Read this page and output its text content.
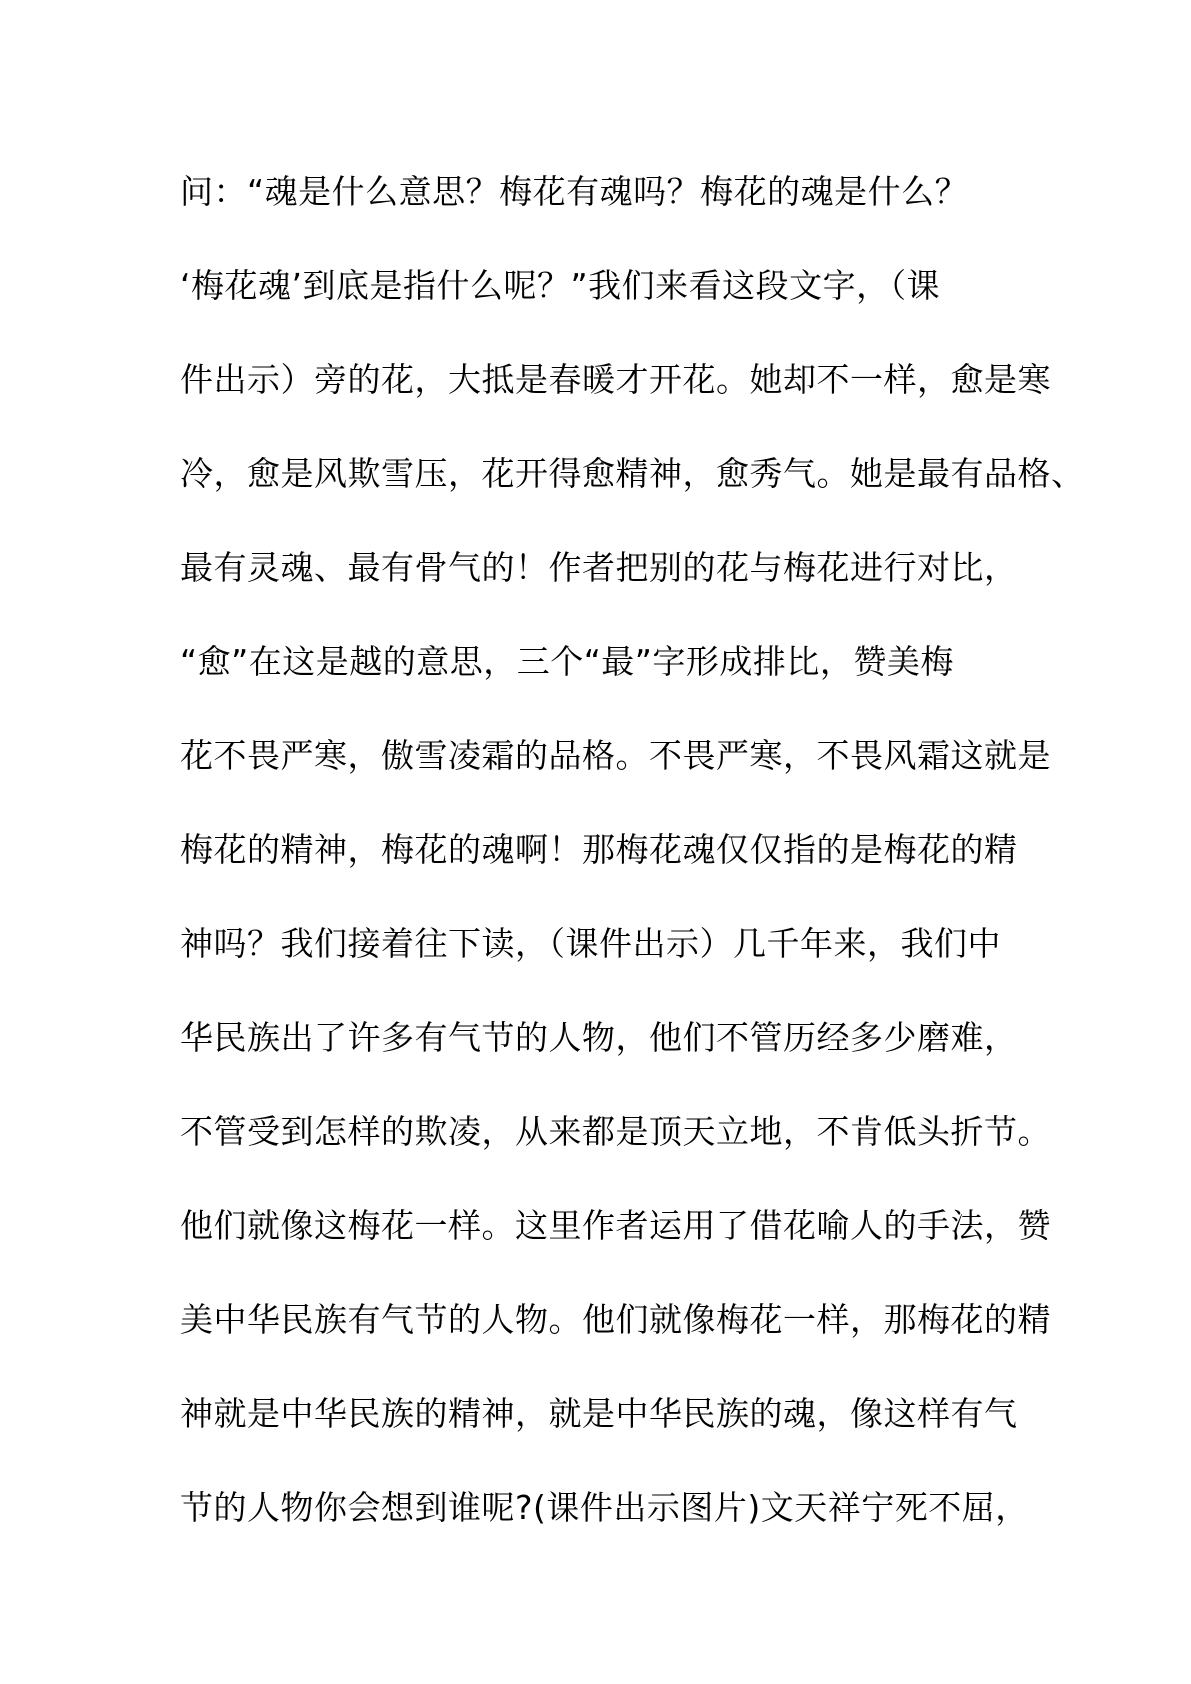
问：“魂是什么意思？梅花有魂吗？梅花的魂是什么？
‘梅花魂’到底是指什么呢？”我们来看这段文字，（课
件出示）旁的花，大抵是春暖才开花。她却不一样，愈是寒
冷，愈是风欺雪压，花开得愈精神，愈秀气。她是最有品格、
最有灵魂、最有骨气的！作者把别的花与梅花进行对比，
“愈”在这是越的意思，三个“最”字形成排比，赞美梅
花不畏严寒，傲雪凌霜的品格。不畏严寒，不畏风霜这就是
梅花的精神，梅花的魂啊！那梅花魂仅仅指的是梅花的精
神吗？我们接着往下读，（课件出示）几千年来，我们中
华民族出了许多有气节的人物，他们不管历经多少磨难，
不管受到怎样的欺凌，从来都是顶天立地，不肯低头折节。
他们就像这梅花一样。这里作者运用了借花喻人的手法，赞
美中华民族有气节的人物。他们就像梅花一样，那梅花的精
神就是中华民族的精神，就是中华民族的魂，像这样有气
节的人物你会想到谁呢?(课件出示图片)文天祥宁死不屈，
